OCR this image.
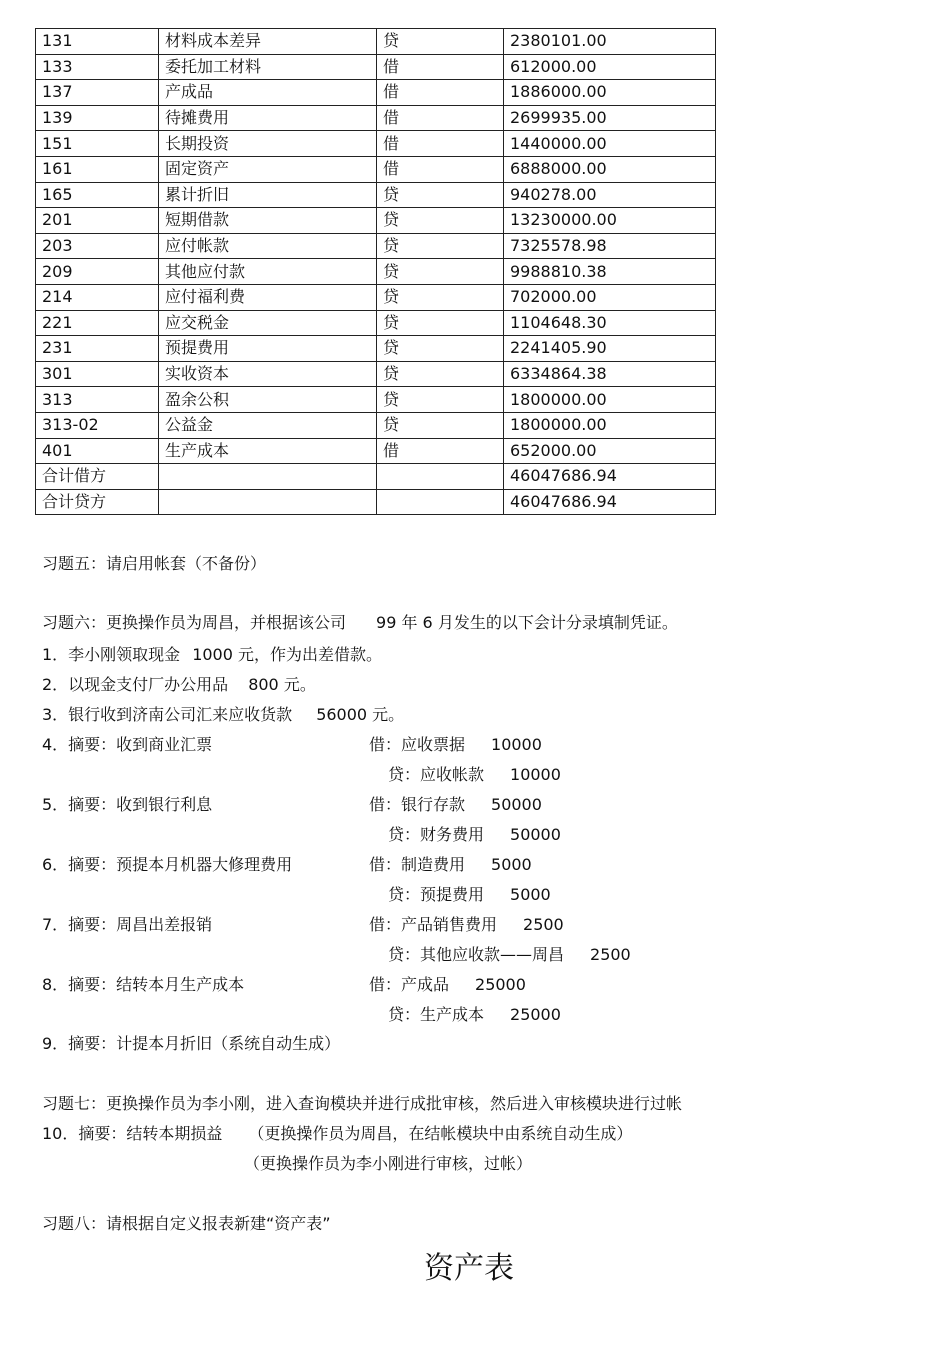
131	材料成本差异	贷	2380101.00
133	委托加工材料	借	612000.00
137	产成品	借	1886000.00
139	待摊费用	借	2699935.00
151	长期投资	借	1440000.00
161	固定资产	借	6888000.00
165	累计折旧	贷	940278.00
201	短期借款	贷	13230000.00
203	应付帐款	贷	7325578.98
209	其他应付款	贷	9988810.38
214	应付福利费	贷	702000.00
221	应交税金	贷	1104648.30
231	预提费用	贷	2241405.90
301	实收资本	贷	6334864.38
313	盈余公积	贷	1800000.00
313-02	公益金	贷	1800000.00
401	生产成本	借	652000.00
合计借方			46047686.94
合计贷方			46047686.94
习题五：请启用帐套（不备份）
习题六：更换操作员为周昌，并根据该公司 99 年 6 月发生的以下会计分录填制凭证。
1．李小刚领取现金 1000 元，作为出差借款。
2．以现金支付厂办公用品 800 元。
3．银行收到济南公司汇来应收货款 56000 元。
4．摘要：收到商业汇票	借：应收票据 10000
贷：应收帐款 10000
5．摘要：收到银行利息	借：银行存款 50000
贷：财务费用 50000
6．摘要：预提本月机器大修理费用	借：制造费用 5000
贷：预提费用 5000
7．摘要：周昌出差报销	借：产品销售费用 2500
贷：其他应收款——周昌 2500
8．摘要：结转本月生产成本	借：产成品 25000
贷：生产成本 25000
9．摘要：计提本月折旧（系统自动生成）
习题七：更换操作员为李小刚，进入查询模块并进行成批审核，然后进入审核模块进行过帐
10．摘要：结转本期损益 （更换操作员为周昌，在结帐模块中由系统自动生成）
（更换操作员为李小刚进行审核，过帐）
习题八：请根据自定义报表新建“资产表”
资产表
